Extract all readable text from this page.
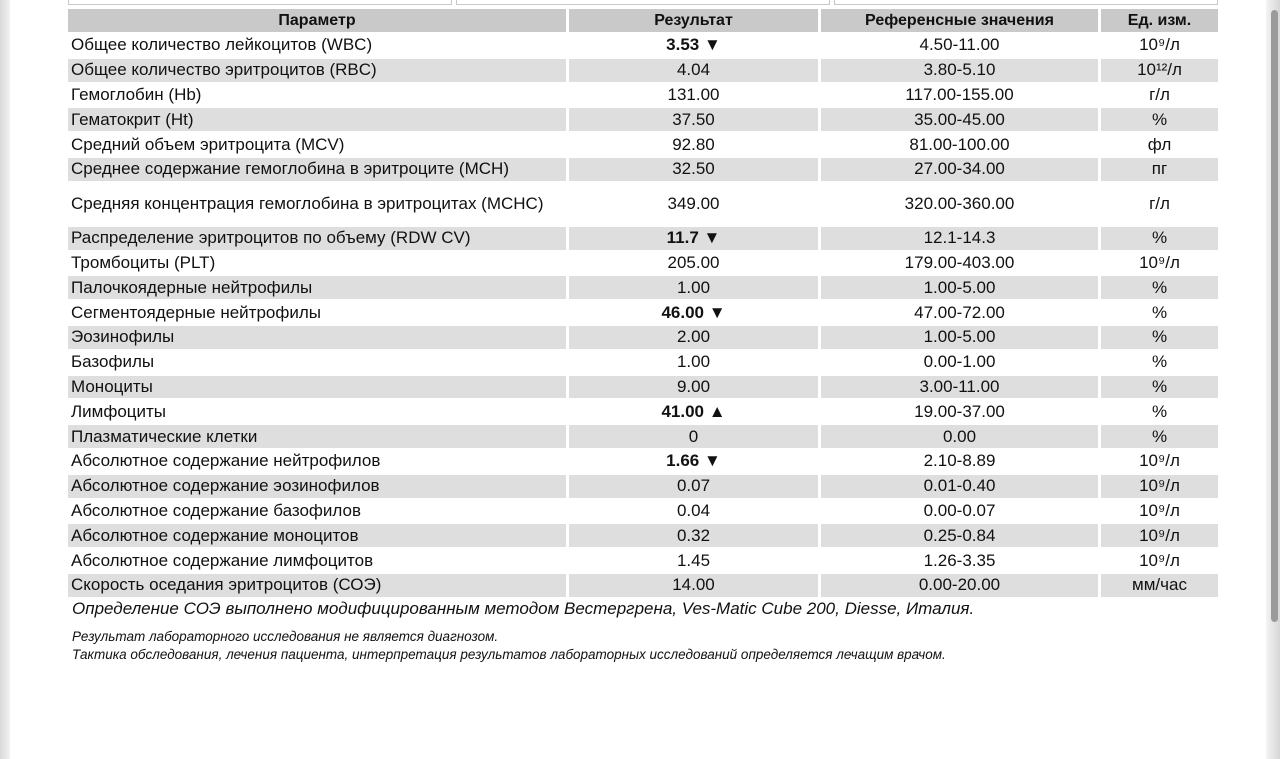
Параметр	Результат	Референсные значения	Ед. изм.
Общее количество лейкоцитов (WBC)	3.53 ▼	4.50-11.00	10⁹/л
Общее количество эритроцитов (RBC)	4.04	3.80-5.10	10¹²/л
Гемоглобин (Hb)	131.00	117.00-155.00	г/л
Гематокрит (Ht)	37.50	35.00-45.00	%
Средний объем эритроцита (MCV)	92.80	81.00-100.00	фл
Среднее содержание гемоглобина в эритроците (MCH)	32.50	27.00-34.00	пг
Средняя концентрация гемоглобина в эритроцитах (MCHC)	349.00	320.00-360.00	г/л
Распределение эритроцитов по объему (RDW CV)	11.7 ▼	12.1-14.3	%
Тромбоциты (PLT)	205.00	179.00-403.00	10⁹/л
Палочкоядерные нейтрофилы	1.00	1.00-5.00	%
Сегментоядерные нейтрофилы	46.00 ▼	47.00-72.00	%
Эозинофилы	2.00	1.00-5.00	%
Базофилы	1.00	0.00-1.00	%
Моноциты	9.00	3.00-11.00	%
Лимфоциты	41.00 ▲	19.00-37.00	%
Плазматические клетки	0	0.00	%
Абсолютное содержание нейтрофилов	1.66 ▼	2.10-8.89	10⁹/л
Абсолютное содержание эозинофилов	0.07	0.01-0.40	10⁹/л
Абсолютное содержание базофилов	0.04	0.00-0.07	10⁹/л
Абсолютное содержание моноцитов	0.32	0.25-0.84	10⁹/л
Абсолютное содержание лимфоцитов	1.45	1.26-3.35	10⁹/л
Скорость оседания эритроцитов (СОЭ)	14.00	0.00-20.00	мм/час
Определение СОЭ выполнено модифицированным методом Вестергрена, Ves-Matic Cube 200, Diesse, Италия.
Результат лабораторного исследования не является диагнозом.
Тактика обследования, лечения пациента, интерпретация результатов лабораторных исследований определяется лечащим врачом.
